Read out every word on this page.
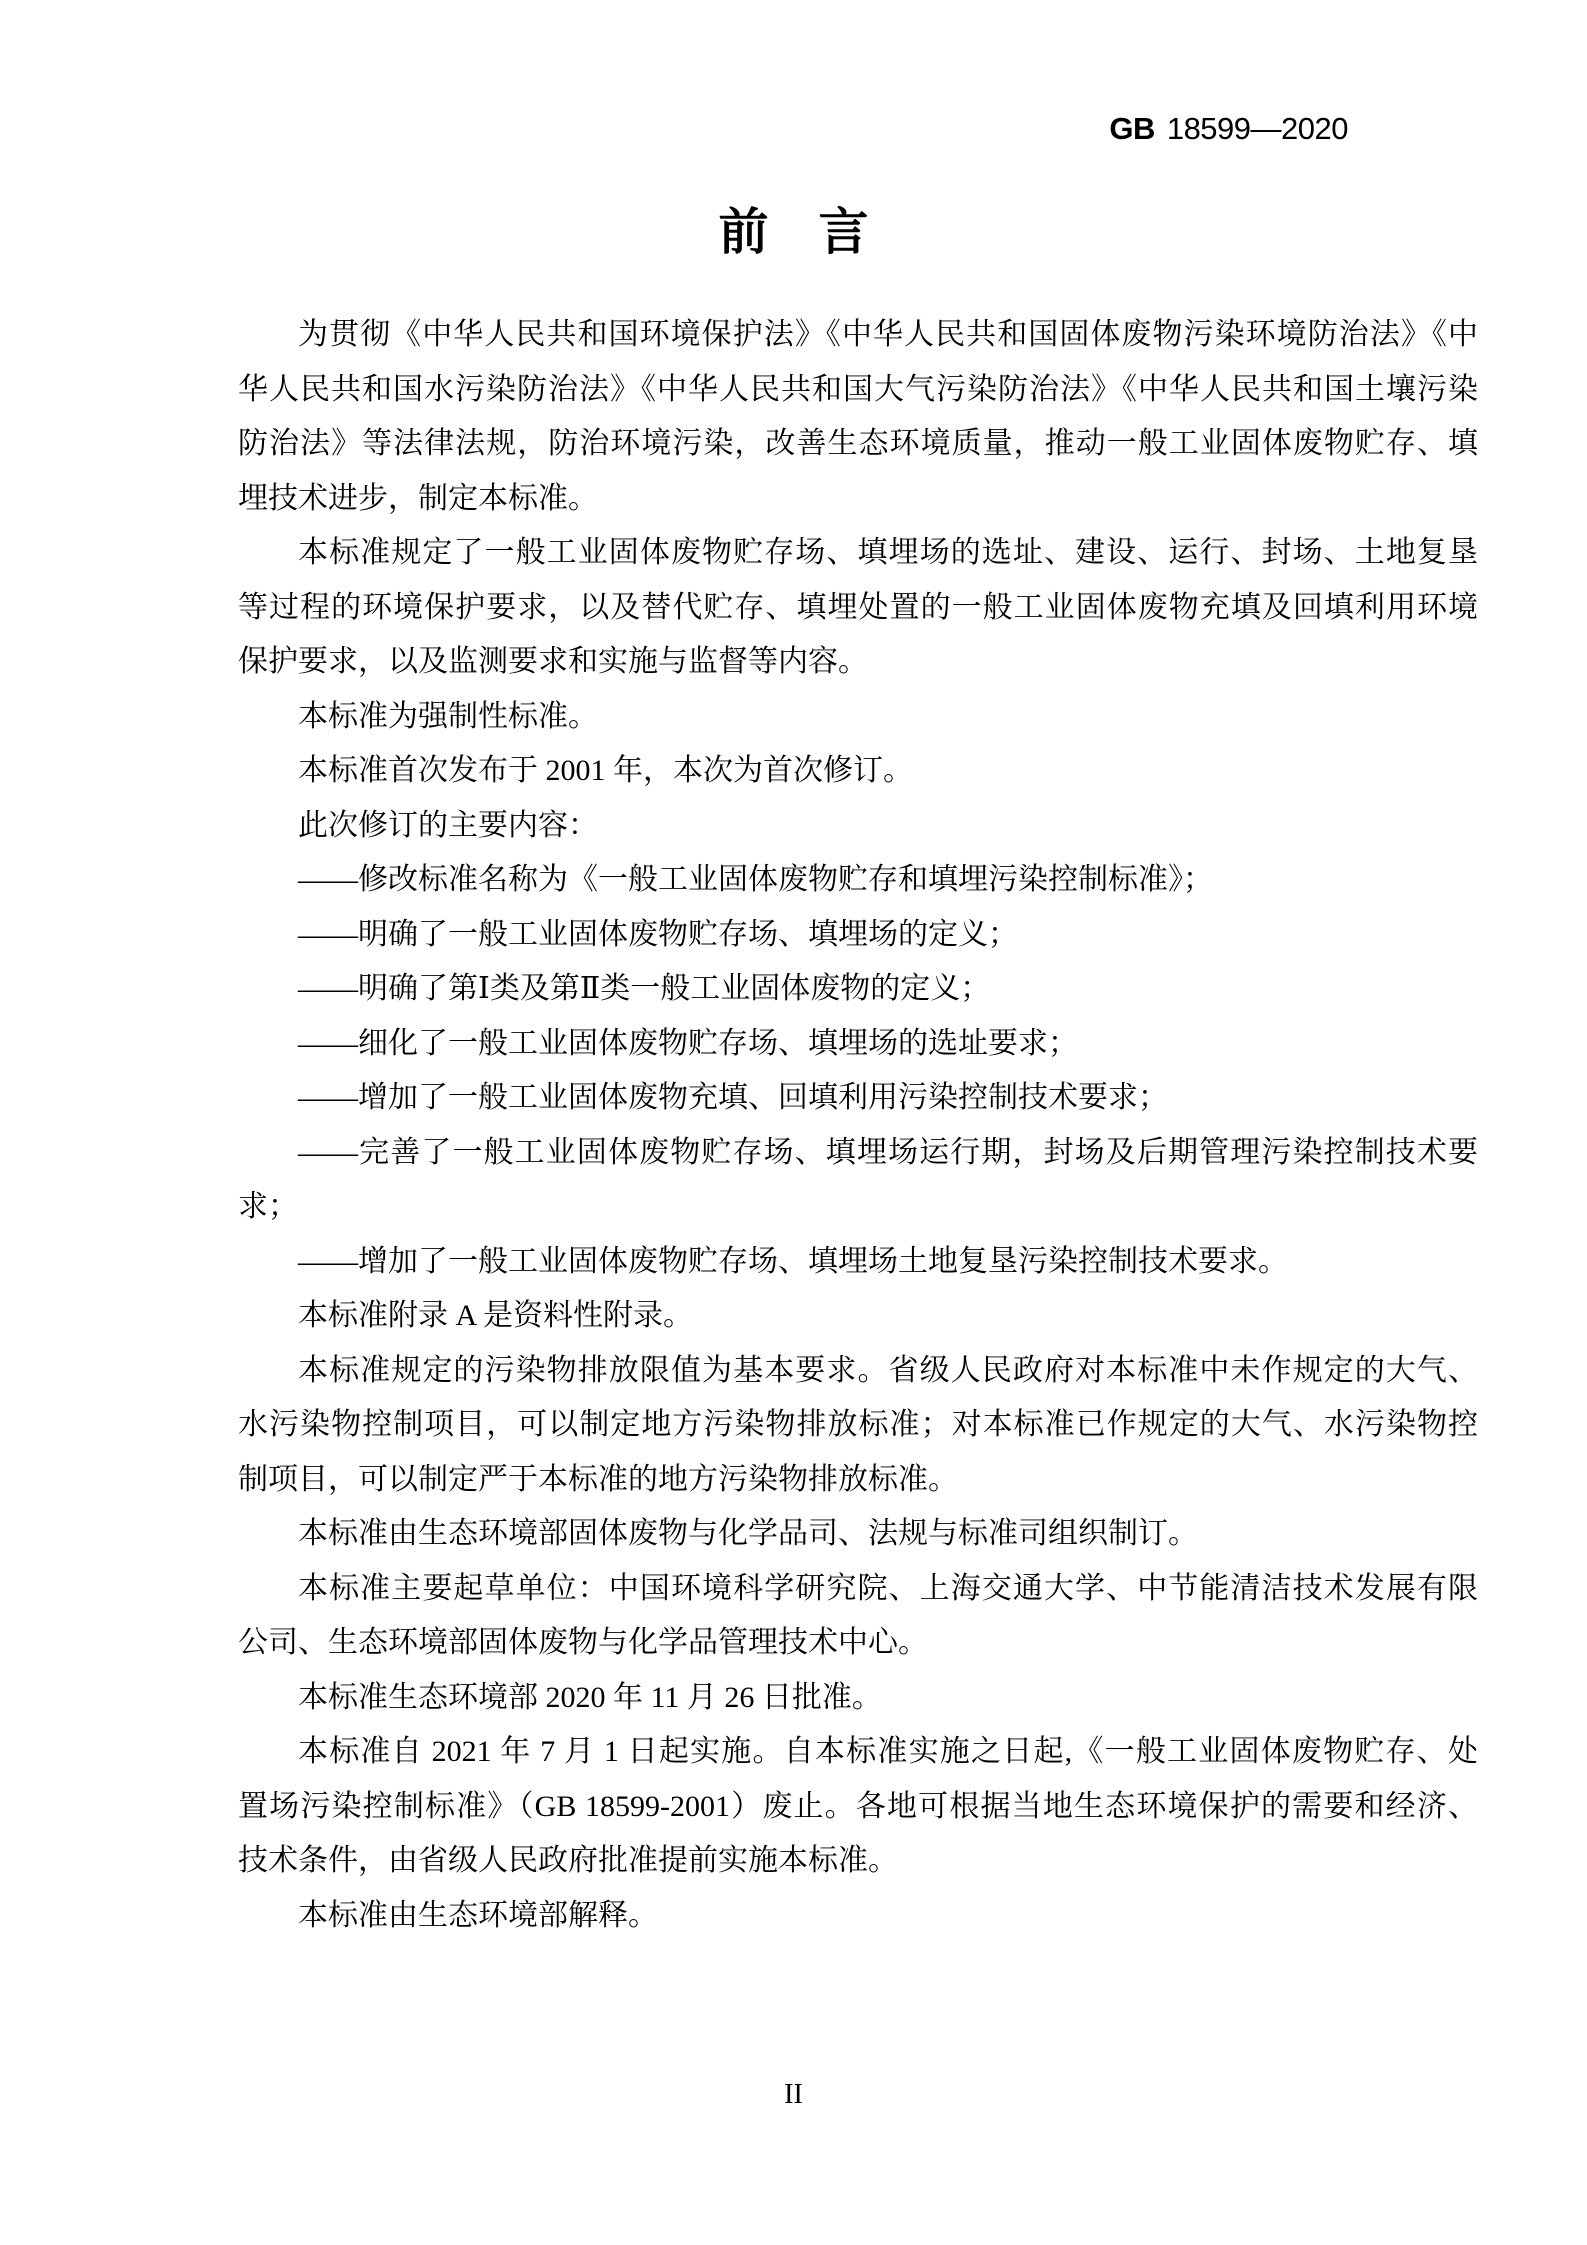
GB 18599—2020
前　言
为贯彻《中华人民共和国环境保护法》《中华人民共和国固体废物污染环境防治法》《中
华人民共和国水污染防治法》《中华人民共和国大气污染防治法》《中华人民共和国土壤污染
防治法》等法律法规，防治环境污染，改善生态环境质量，推动一般工业固体废物贮存、填
埋技术进步，制定本标准。
本标准规定了一般工业固体废物贮存场、填埋场的选址、建设、运行、封场、土地复垦
等过程的环境保护要求，以及替代贮存、填埋处置的一般工业固体废物充填及回填利用环境
保护要求，以及监测要求和实施与监督等内容。
本标准为强制性标准。
本标准首次发布于 2001 年，本次为首次修订。
此次修订的主要内容：
——修改标准名称为《一般工业固体废物贮存和填埋污染控制标准》；
——明确了一般工业固体废物贮存场、填埋场的定义；
——明确了第Ⅰ类及第Ⅱ类一般工业固体废物的定义；
——细化了一般工业固体废物贮存场、填埋场的选址要求；
——增加了一般工业固体废物充填、回填利用污染控制技术要求；
——完善了一般工业固体废物贮存场、填埋场运行期，封场及后期管理污染控制技术要
求；
——增加了一般工业固体废物贮存场、填埋场土地复垦污染控制技术要求。
本标准附录 A 是资料性附录。
本标准规定的污染物排放限值为基本要求。省级人民政府对本标准中未作规定的大气、
水污染物控制项目，可以制定地方污染物排放标准；对本标准已作规定的大气、水污染物控
制项目，可以制定严于本标准的地方污染物排放标准。
本标准由生态环境部固体废物与化学品司、法规与标准司组织制订。
本标准主要起草单位：中国环境科学研究院、上海交通大学、中节能清洁技术发展有限
公司、生态环境部固体废物与化学品管理技术中心。
本标准生态环境部 2020 年 11 月 26 日批准。
本标准自 2021 年 7 月 1 日起实施。自本标准实施之日起,《一般工业固体废物贮存、处
置场污染控制标准》（GB 18599-2001）废止。各地可根据当地生态环境保护的需要和经济、
技术条件，由省级人民政府批准提前实施本标准。
本标准由生态环境部解释。
II
